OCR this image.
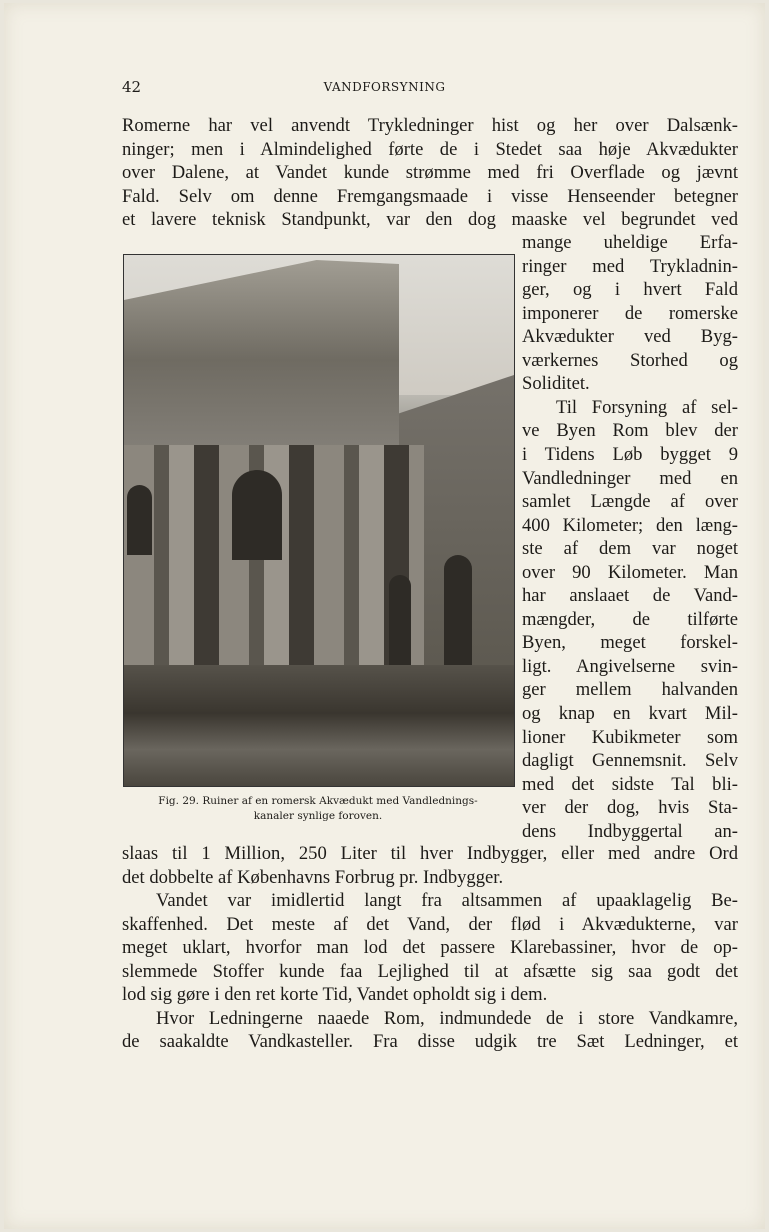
42	VANDFORSYNING
Fig. 29. Ruiner af en romersk Akvædukt med Vandlednings-
kanaler synlige foroven.
Romerne har vel anvendt Trykledninger hist og her over Dalsænk-
ninger; men i Almindelighed førte de i Stedet saa høje Akvædukter
over Dalene, at Vandet kunde strømme med fri Overflade og jævnt
Fald. Selv om denne Fremgangsmaade i visse Henseender betegner
et lavere teknisk Standpunkt, var den dog maaske vel begrundet ved
mange uheldige Erfa-
ringer med Trykladnin-
ger, og i hvert Fald
imponerer de romerske
Akvædukter ved Byg-
værkernes Storhed og
Soliditet.
Til Forsyning af sel-
ve Byen Rom blev der
i Tidens Løb bygget 9
Vandledninger med en
samlet Længde af over
400 Kilometer; den læng-
ste af dem var noget
over 90 Kilometer. Man
har anslaaet de Vand-
mængder, de tilførte
Byen, meget forskel-
ligt. Angivelserne svin-
ger mellem halvanden
og knap en kvart Mil-
lioner Kubikmeter som
dagligt Gennemsnit. Selv
med det sidste Tal bli-
ver der dog, hvis Sta-
dens Indbyggertal an-
slaas til 1 Million, 250 Liter til hver Indbygger, eller med andre Ord
det dobbelte af Københavns Forbrug pr. Indbygger.
Vandet var imidlertid langt fra altsammen af upaaklagelig Be-
skaffenhed. Det meste af det Vand, der flød i Akvædukterne, var
meget uklart, hvorfor man lod det passere Klarebassiner, hvor de op-
slemmede Stoffer kunde faa Lejlighed til at afsætte sig saa godt det
lod sig gøre i den ret korte Tid, Vandet opholdt sig i dem.
Hvor Ledningerne naaede Rom, indmundede de i store Vandkamre,
de saakaldte Vandkasteller. Fra disse udgik tre Sæt Ledninger, et
